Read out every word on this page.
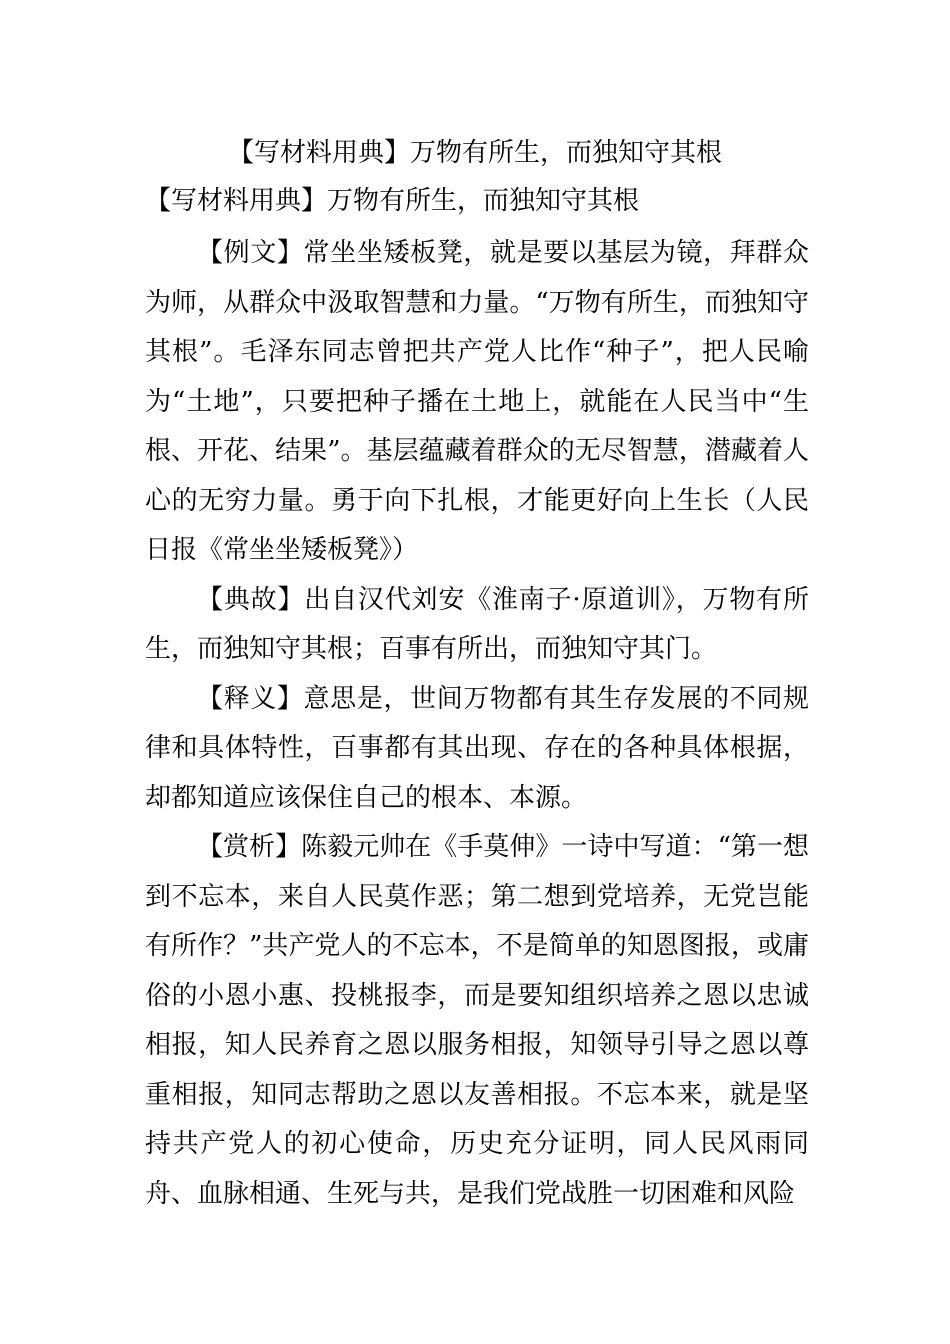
【写材料用典】万物有所生，而独知守其根

【写材料用典】万物有所生，而独知守其根

【例文】常坐坐矮板凳，就是要以基层为镜，拜群众为师，从群众中汲取智慧和力量。“万物有所生，而独知守其根”。毛泽东同志曾把共产党人比作“种子”，把人民喻为“土地”，只要把种子播在土地上，就能在人民当中“生根、开花、结果”。基层蕴藏着群众的无尽智慧，潜藏着人心的无穷力量。勇于向下扎根，才能更好向上生长（人民日报《常坐坐矮板凳》）

【典故】出自汉代刘安《淮南子·原道训》，万物有所生，而独知守其根；百事有所出，而独知守其门。

【释义】意思是，世间万物都有其生存发展的不同规律和具体特性，百事都有其出现、存在的各种具体根据，却都知道应该保住自己的根本、本源。

【赏析】陈毅元帅在《手莫伸》一诗中写道：“第一想到不忘本，来自人民莫作恶；第二想到党培养，无党岂能有所作？”共产党人的不忘本，不是简单的知恩图报，或庸俗的小恩小惠、投桃报李，而是要知组织培养之恩以忠诚相报，知人民养育之恩以服务相报，知领导引导之恩以尊重相报，知同志帮助之恩以友善相报。不忘本来，就是坚持共产党人的初心使命，历史充分证明，同人民风雨同舟、血脉相通、生死与共，是我们党战胜一切困难和风险
